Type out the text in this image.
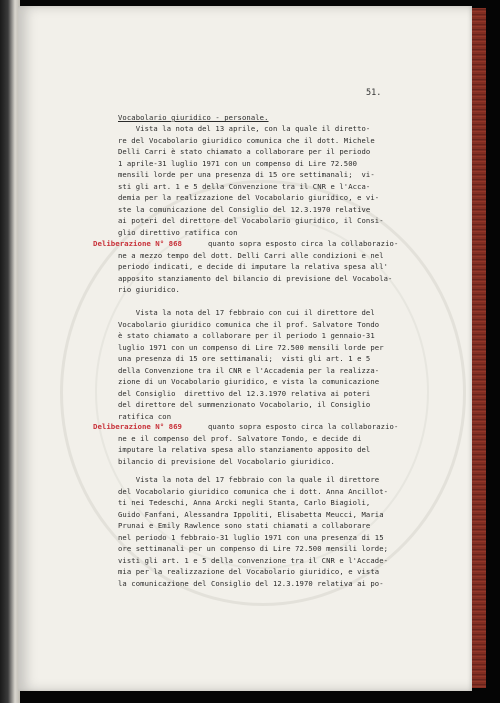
51.
Vocabolario giuridico - personale.
Vista la nota del 13 aprile, con la quale il diretto-
re del Vocabolario giuridico comunica che il dott. Michele
Delli Carri è stato chiamato a collaborare per il periodo
1 aprile-31 luglio 1971 con un compenso di Lire 72.500
mensili lorde per una presenza di 15 ore settimanali;  vi-
sti gli art. 1 e 5 della Convenzione tra il CNR e l'Acca-
demia per la realizzazione del Vocabolario giuridico, e vi-
ste la comunicazione del Consiglio del 12.3.1970 relative
ai poteri del direttore del Vocabolario giuridico, il Consi-
glio direttivo ratifica con
Deliberazione N° 868	quanto sopra esposto circa la collaborazio-
ne a mezzo tempo del dott. Delli Carri alle condizioni e nel
periodo indicati, e decide di imputare la relativa spesa all'
apposito stanziamento del bilancio di previsione del Vocabola-
rio giuridico.
Vista la nota del 17 febbraio con cui il direttore del
Vocabolario giuridico comunica che il prof. Salvatore Tondo
è stato chiamato a collaborare per il periodo 1 gennaio-31
luglio 1971 con un compenso di Lire 72.500 mensili lorde per
una presenza di 15 ore settimanali;  visti gli art. 1 e 5
della Convenzione tra il CNR e l'Accademia per la realizza-
zione di un Vocabolario giuridico, e vista la comunicazione
del Consiglio  direttivo del 12.3.1970 relativa ai poteri
del direttore del summenzionato Vocabolario, il Consiglio
ratifica con
Deliberazione N° 869	quanto sopra esposto circa la collaborazio-
ne e il compenso del prof. Salvatore Tondo, e decide di
imputare la relativa spesa allo stanziamento apposito del
bilancio di previsione del Vocabolario giuridico.
Vista la nota del 17 febbraio con la quale il direttore
del Vocabolario giuridico comunica che i dott. Anna Ancillot-
ti nei Tedeschi, Anna Arcki negli Stanta, Carlo Biagioli,
Guido Fanfani, Alessandra Ippoliti, Elisabetta Meucci, Maria
Prunai e Emily Rawlence sono stati chiamati a collaborare
nel periodo 1 febbraio-31 luglio 1971 con una presenza di 15
ore settimanali per un compenso di Lire 72.500 mensili lorde;
visti gli art. 1 e 5 della convenzione tra il CNR e l'Accade-
mia per la realizzazione del Vocabolario giuridico, e vista
la comunicazione del Consiglio del 12.3.1970 relativa ai po-
